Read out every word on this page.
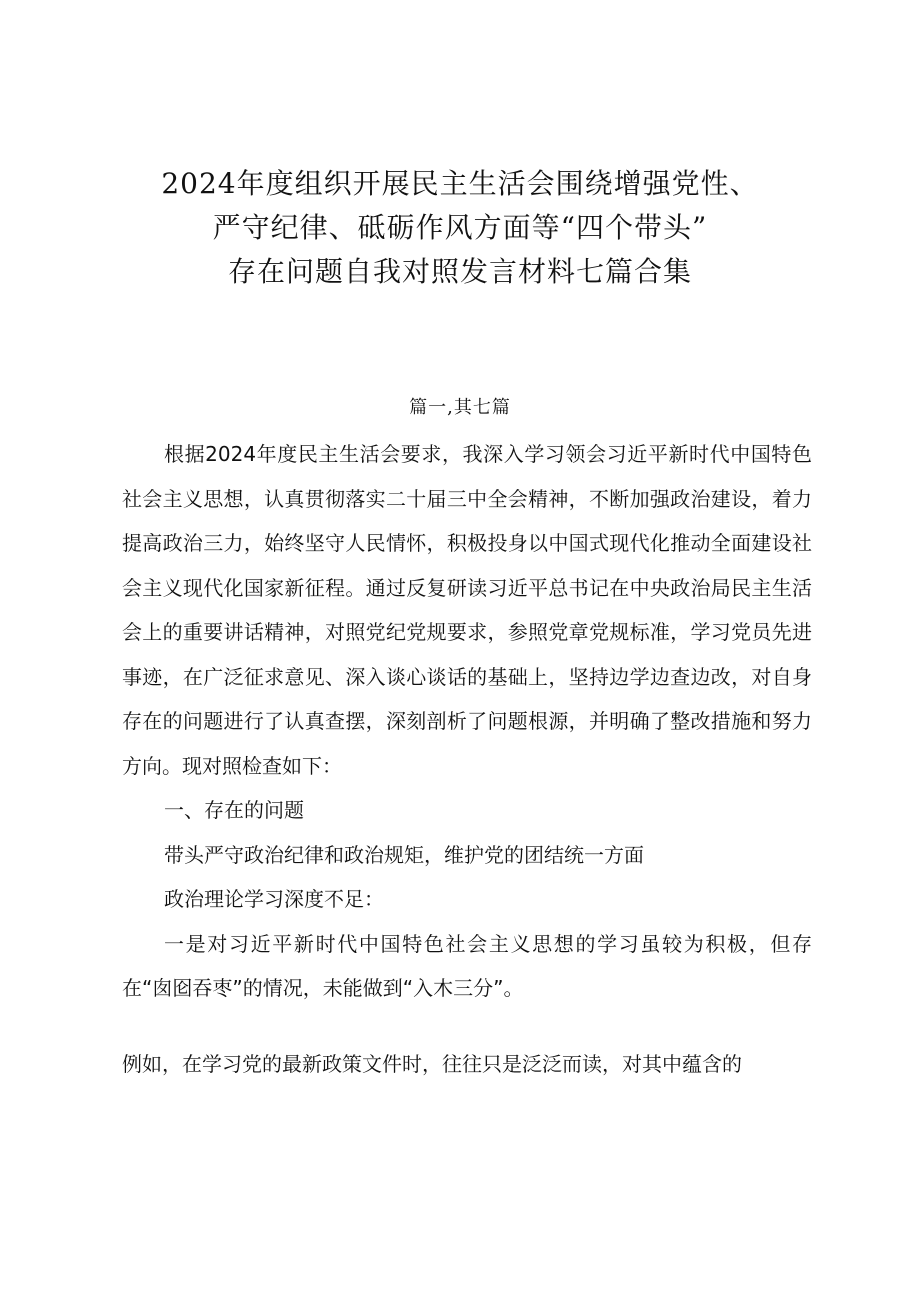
2024年度组织开展民主生活会围绕增强党性、
严守纪律、砥砺作风方面等“四个带头”
存在问题自我对照发言材料七篇合集
篇一,其七篇

根据2024年度民主生活会要求，我深入学习领会习近平新时代中国特色社会主义思想，认真贯彻落实二十届三中全会精神，不断加强政治建设，着力提高政治三力，始终坚守人民情怀，积极投身以中国式现代化推动全面建设社会主义现代化国家新征程。通过反复研读习近平总书记在中央政治局民主生活会上的重要讲话精神，对照党纪党规要求，参照党章党规标准，学习党员先进事迹，在广泛征求意见、深入谈心谈话的基础上，坚持边学边查边改，对自身存在的问题进行了认真查摆，深刻剖析了问题根源，并明确了整改措施和努力方向。现对照检查如下：

一、存在的问题

带头严守政治纪律和政治规矩，维护党的团结统一方面

政治理论学习深度不足：

一是对习近平新时代中国特色社会主义思想的学习虽较为积极，但存在“囱囵吞枣”的情况，未能做到“入木三分”。

例如，在学习党的最新政策文件时，往往只是泛泛而读，对其中蕴含的
